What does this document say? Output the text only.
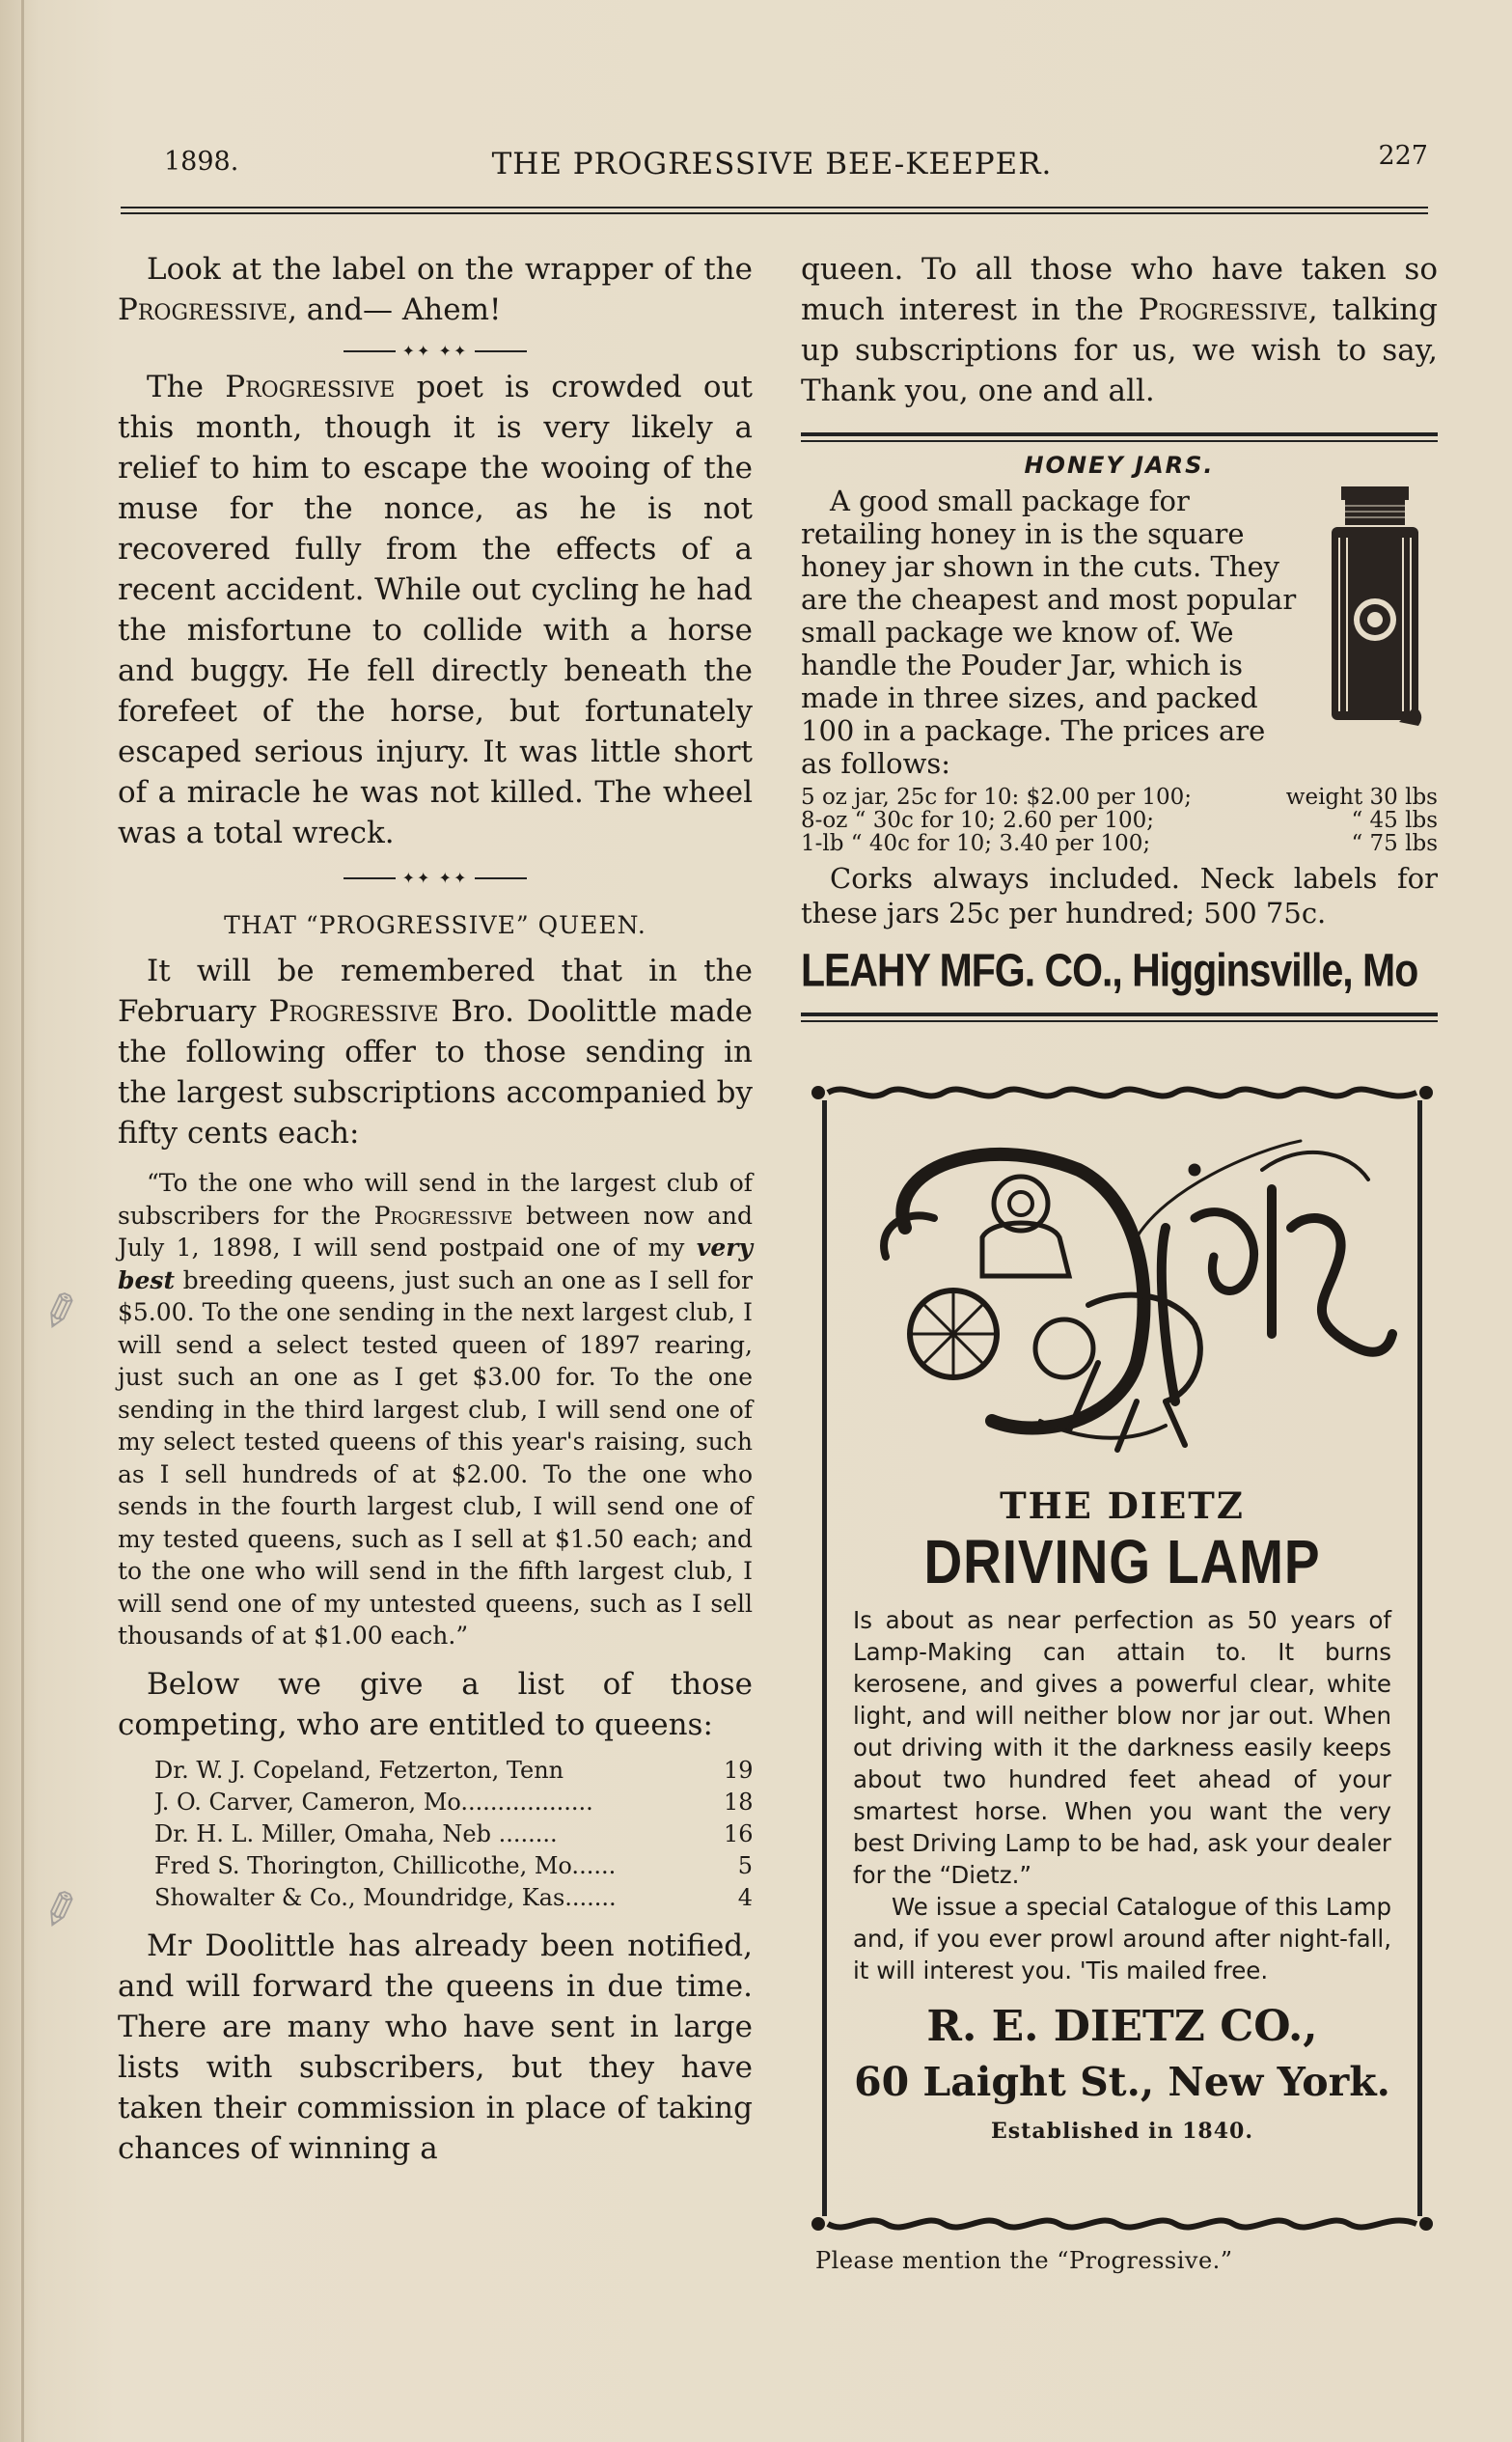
1898.	THE PROGRESSIVE BEE-KEEPER.	227

Look at the label on the wrapper of the Progressive, and— Ahem!

✦✦ ✦✦

The Progressive poet is crowded out this month, though it is very likely a relief to him to escape the wooing of the muse for the nonce, as he is not recovered fully from the effects of a recent accident. While out cycling he had the misfortune to collide with a horse and buggy. He fell directly beneath the forefeet of the horse, but fortunately escaped serious injury. It was little short of a miracle he was not killed. The wheel was a total wreck.

✦✦ ✦✦
THAT “PROGRESSIVE” QUEEN.

It will be remembered that in the February Progressive Bro. Doolittle made the following offer to those sending in the largest subscriptions accompanied by fifty cents each:

“To the one who will send in the largest club of subscribers for the Progressive between now and July 1, 1898, I will send postpaid one of my very best breeding queens, just such an one as I sell for $5.00. To the one sending in the next largest club, I will send a select tested queen of 1897 rearing, just such an one as I get $3.00 for. To the one sending in the third largest club, I will send one of my select tested queens of this year's raising, such as I sell hundreds of at $2.00. To the one who sends in the fourth largest club, I will send one of my tested queens, such as I sell at $1.50 each; and to the one who will send in the fifth largest club, I will send one of my untested queens, such as I sell thousands of at $1.00 each.”

Below we give a list of those competing, who are entitled to queens:

Dr. W. J. Copeland, Fetzerton, Tenn	19
J. O. Carver, Cameron, Mo..................	18
Dr. H. L. Miller, Omaha, Neb ........	16
Fred S. Thorington, Chillicothe, Mo......	5
Showalter & Co., Moundridge, Kas.......	4

Mr Doolittle has already been notified, and will forward the queens in due time. There are many who have sent in large lists with subscribers, but they have taken their commission in place of taking chances of winning a

queen. To all those who have taken so much interest in the Progressive, talking up subscriptions for us, we wish to say, Thank you, one and all.

HONEY JARS.

A good small package for retailing honey in is the square honey jar shown in the cuts. They are the cheapest and most popular small package we know of. We handle the Pouder Jar, which is made in three sizes, and packed 100 in a package. The prices are as follows:

5 oz jar, 25c for 10: $2.00 per 100;	weight 30 lbs
8-oz “ 30c for 10; 2.60 per 100;	“ 45 lbs
1-lb “ 40c for 10; 3.40 per 100;	“ 75 lbs

Corks always included. Neck labels for these jars 25c per hundred; 500 75c.

LEAHY MFG. CO., Higginsville, Mo
Dietz
THE DIETZ
DRIVING LAMP

Is about as near perfection as 50 years of Lamp-Making can attain to. It burns kerosene, and gives a powerful clear, white light, and will neither blow nor jar out. When out driving with it the darkness easily keeps about two hundred feet ahead of your smartest horse. When you want the very best Driving Lamp to be had, ask your dealer for the “Dietz.”

We issue a special Catalogue of this Lamp and, if you ever prowl around after night-fall, it will interest you. 'Tis mailed free.

R. E. DIETZ CO.,
60 Laight St., New York.
Established in 1840.
Please mention the “Progressive.”
✎
✎
